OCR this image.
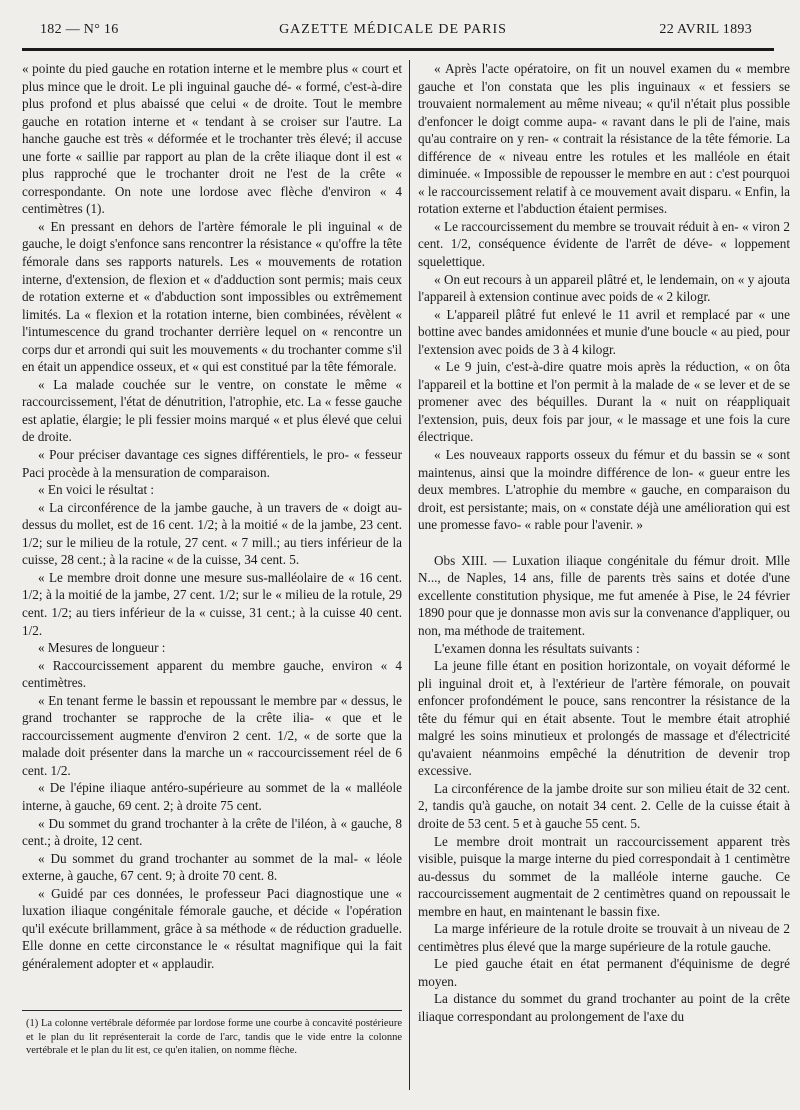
182 — N° 16	GAZETTE MÉDICALE DE PARIS	22 AVRIL 1893

« pointe du pied gauche en rotation interne et le membre plus « court et plus mince que le droit. Le pli inguinal gauche dé- « formé, c'est-à-dire plus profond et plus abaissé que celui « de droite. Tout le membre gauche en rotation interne et « tendant à se croiser sur l'autre. La hanche gauche est très « déformée et le trochanter très élevé; il accuse une forte « saillie par rapport au plan de la crête iliaque dont il est « plus rapproché que le trochanter droit ne l'est de la crête « correspondante. On note une lordose avec flèche d'environ « 4 centimètres (1).

« En pressant en dehors de l'artère fémorale le pli inguinal « de gauche, le doigt s'enfonce sans rencontrer la résistance « qu'offre la tête fémorale dans ses rapports naturels. Les « mouvements de rotation interne, d'extension, de flexion et « d'adduction sont permis; mais ceux de rotation externe et « d'abduction sont impossibles ou extrêmement limités. La « flexion et la rotation interne, bien combinées, révèlent « l'intumescence du grand trochanter derrière lequel on « rencontre un corps dur et arrondi qui suit les mouvements « du trochanter comme s'il en était un appendice osseux, et « qui est constitué par la tête fémorale.

« La malade couchée sur le ventre, on constate le même « raccourcissement, l'état de dénutrition, l'atrophie, etc. La « fesse gauche est aplatie, élargie; le pli fessier moins marqué « et plus élevé que celui de droite.

« Pour préciser davantage ces signes différentiels, le pro- « fesseur Paci procède à la mensuration de comparaison.

« En voici le résultat :

« La circonférence de la jambe gauche, à un travers de « doigt au-dessus du mollet, est de 16 cent. 1/2; à la moitié « de la jambe, 23 cent. 1/2; sur le milieu de la rotule, 27 cent. « 7 mill.; au tiers inférieur de la cuisse, 28 cent.; à la racine « de la cuisse, 34 cent. 5.

« Le membre droit donne une mesure sus-malléolaire de « 16 cent. 1/2; à la moitié de la jambe, 27 cent. 1/2; sur le « milieu de la rotule, 29 cent. 1/2; au tiers inférieur de la « cuisse, 31 cent.; à la cuisse 40 cent. 1/2.

« Mesures de longueur :

« Raccourcissement apparent du membre gauche, environ « 4 centimètres.

« En tenant ferme le bassin et repoussant le membre par « dessus, le grand trochanter se rapproche de la crête ilia- « que et le raccourcissement augmente d'environ 2 cent. 1/2, « de sorte que la malade doit présenter dans la marche un « raccourcissement réel de 6 cent. 1/2.

« De l'épine iliaque antéro-supérieure au sommet de la « malléole interne, à gauche, 69 cent. 2; à droite 75 cent.

« Du sommet du grand trochanter à la crête de l'iléon, à « gauche, 8 cent.; à droite, 12 cent.

« Du sommet du grand trochanter au sommet de la mal- « léole externe, à gauche, 67 cent. 9; à droite 70 cent. 8.

« Guidé par ces données, le professeur Paci diagnostique une « luxation iliaque congénitale fémorale gauche, et décide « l'opération qu'il exécute brillamment, grâce à sa méthode « de réduction graduelle. Elle donne en cette circonstance le « résultat magnifique qui la fait généralement adopter et « applaudir.

(1) La colonne vertébrale déformée par lordose forme une courbe à concavité postérieure et le plan du lit représenterait la corde de l'arc, tandis que le vide entre la colonne vertébrale et le plan du lit est, ce qu'en italien, on nomme flèche.

« Après l'acte opératoire, on fit un nouvel examen du « membre gauche et l'on constata que les plis inguinaux « et fessiers se trouvaient normalement au même niveau; « qu'il n'était plus possible d'enfoncer le doigt comme aupa- « ravant dans le pli de l'aine, mais qu'au contraire on y ren- « contrait la résistance de la tête fémorie. La différence de « niveau entre les rotules et les malléole en était diminuée. « Impossible de repousser le membre en aut : c'est pourquoi « le raccourcissement relatif à ce mouvement avait disparu. « Enfin, la rotation externe et l'abduction étaient permises.

« Le raccourcissement du membre se trouvait réduit à en- « viron 2 cent. 1/2, conséquence évidente de l'arrêt de déve- « loppement squelettique.

« On eut recours à un appareil plâtré et, le lendemain, on « y ajouta l'appareil à extension continue avec poids de « 2 kilogr.

« L'appareil plâtré fut enlevé le 11 avril et remplacé par « une bottine avec bandes amidonnées et munie d'une boucle « au pied, pour l'extension avec poids de 3 à 4 kilogr.

« Le 9 juin, c'est-à-dire quatre mois après la réduction, « on ôta l'appareil et la bottine et l'on permit à la malade de « se lever et de se promener avec des béquilles. Durant la « nuit on réappliquait l'extension, puis, deux fois par jour, « le massage et une fois la cure électrique.

« Les nouveaux rapports osseux du fémur et du bassin se « sont maintenus, ainsi que la moindre différence de lon- « gueur entre les deux membres. L'atrophie du membre « gauche, en comparaison du droit, est persistante; mais, on « constate déjà une amélioration qui est une promesse favo- « rable pour l'avenir. »

Obs XIII. — Luxation iliaque congénitale du fémur droit. Mlle N..., de Naples, 14 ans, fille de parents très sains et dotée d'une excellente constitution physique, me fut amenée à Pise, le 24 février 1890 pour que je donnasse mon avis sur la convenance d'appliquer, ou non, ma méthode de traitement.

L'examen donna les résultats suivants :

La jeune fille étant en position horizontale, on voyait déformé le pli inguinal droit et, à l'extérieur de l'artère fémorale, on pouvait enfoncer profondément le pouce, sans rencontrer la résistance de la tête du fémur qui en était absente. Tout le membre était atrophié malgré les soins minutieux et prolongés de massage et d'électricité qu'avaient néanmoins empêché la dénutrition de devenir trop excessive.

La circonférence de la jambe droite sur son milieu était de 32 cent. 2, tandis qu'à gauche, on notait 34 cent. 2. Celle de la cuisse était à droite de 53 cent. 5 et à gauche 55 cent. 5.

Le membre droit montrait un raccourcissement apparent très visible, puisque la marge interne du pied correspondait à 1 centimètre au-dessus du sommet de la malléole interne gauche. Ce raccourcissement augmentait de 2 centimètres quand on repoussait le membre en haut, en maintenant le bassin fixe.

La marge inférieure de la rotule droite se trouvait à un niveau de 2 centimètres plus élevé que la marge supérieure de la rotule gauche.

Le pied gauche était en état permanent d'équinisme de degré moyen.

La distance du sommet du grand trochanter au point de la crête iliaque correspondant au prolongement de l'axe du
